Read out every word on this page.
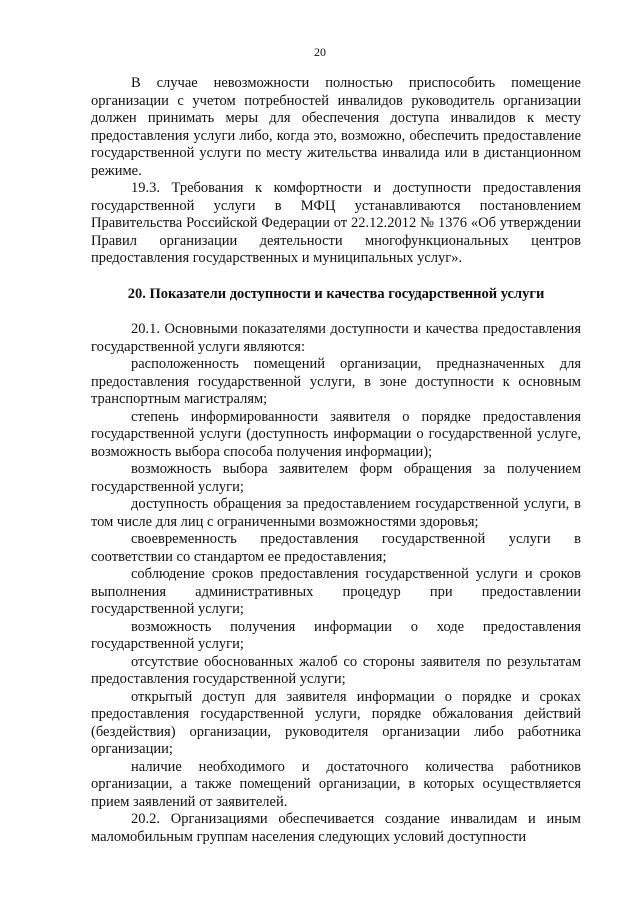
20

В случае невозможности полностью приспособить помещение организации с учетом потребностей инвалидов руководитель организации должен принимать меры для обеспечения доступа инвалидов к месту предоставления услуги либо, когда это, возможно, обеспечить предоставление государственной услуги по месту жительства инвалида или в дистанционном режиме.

19.3. Требования к комфортности и доступности предоставления государственной услуги в МФЦ устанавливаются постановлением Правительства Российской Федерации от 22.12.2012 № 1376 «Об утверждении Правил организации деятельности многофункциональных центров предоставления государственных и муниципальных услуг».

20. Показатели доступности и качества государственной услуги

20.1. Основными показателями доступности и качества предоставления государственной услуги являются:

расположенность помещений организации, предназначенных для предоставления государственной услуги, в зоне доступности к основным транспортным магистралям;

степень информированности заявителя о порядке предоставления государственной услуги (доступность информации о государственной услуге, возможность выбора способа получения информации);

возможность выбора заявителем форм обращения за получением государственной услуги;

доступность обращения за предоставлением государственной услуги, в том числе для лиц с ограниченными возможностями здоровья;

своевременность предоставления государственной услуги в соответствии со стандартом ее предоставления;

соблюдение сроков предоставления государственной услуги и сроков выполнения административных процедур при предоставлении государственной услуги;

возможность получения информации о ходе предоставления государственной услуги;

отсутствие обоснованных жалоб со стороны заявителя по результатам предоставления государственной услуги;

открытый доступ для заявителя информации о порядке и сроках предоставления государственной услуги, порядке обжалования действий (бездействия) организации, руководителя организации либо работника организации;

наличие необходимого и достаточного количества работников организации, а также помещений организации, в которых осуществляется прием заявлений от заявителей.

20.2. Организациями обеспечивается создание инвалидам и иным маломобильным группам населения следующих условий доступности
